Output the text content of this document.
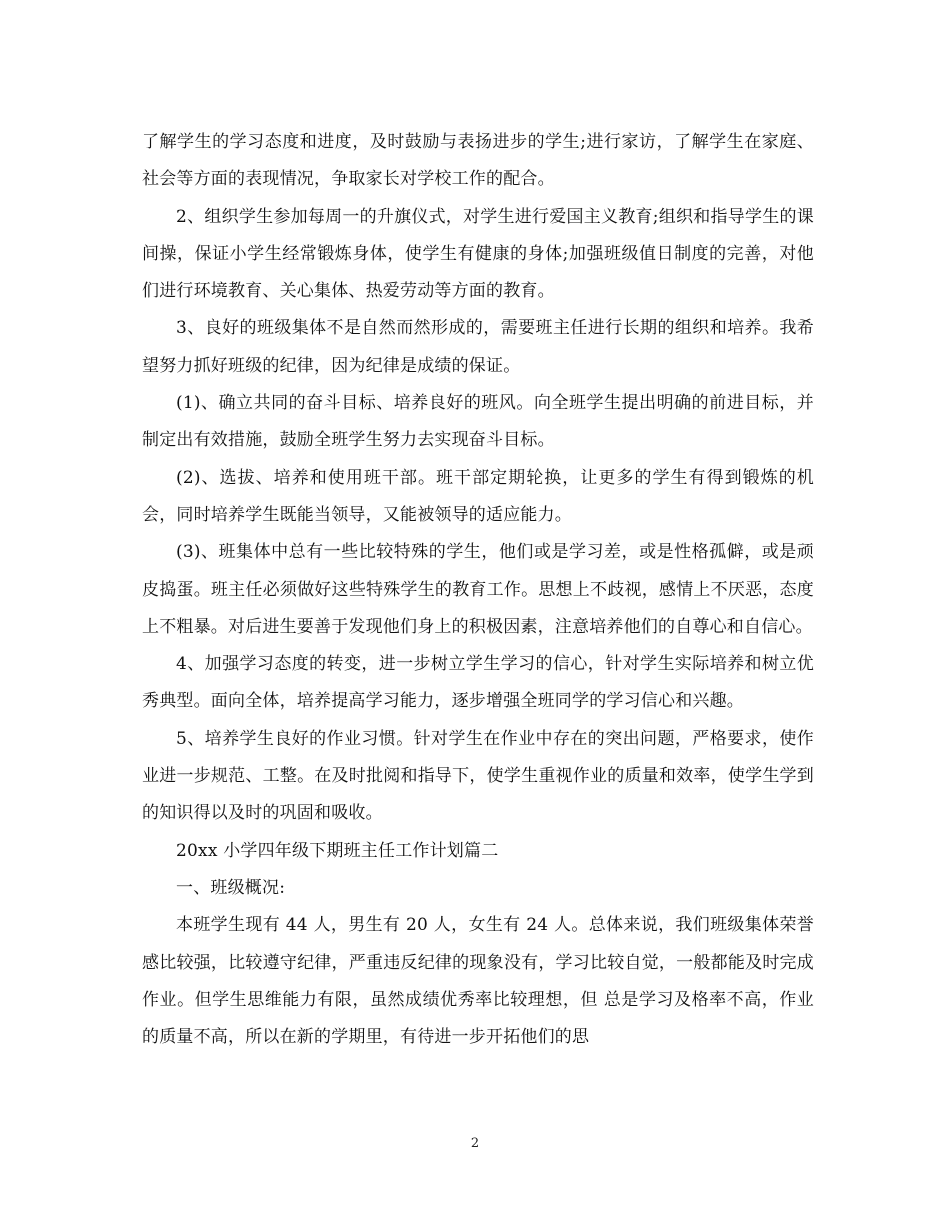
了解学生的学习态度和进度，及时鼓励与表扬进步的学生;进行家访，了解学生在家庭、社会等方面的表现情况，争取家长对学校工作的配合。

2、组织学生参加每周一的升旗仪式，对学生进行爱国主义教育;组织和指导学生的课间操，保证小学生经常锻炼身体，使学生有健康的身体;加强班级值日制度的完善，对他们进行环境教育、关心集体、热爱劳动等方面的教育。

3、良好的班级集体不是自然而然形成的，需要班主任进行长期的组织和培养。我希望努力抓好班级的纪律，因为纪律是成绩的保证。

(1)、确立共同的奋斗目标、培养良好的班风。向全班学生提出明确的前进目标，并制定出有效措施，鼓励全班学生努力去实现奋斗目标。

(2)、选拔、培养和使用班干部。班干部定期轮换，让更多的学生有得到锻炼的机会，同时培养学生既能当领导，又能被领导的适应能力。

(3)、班集体中总有一些比较特殊的学生，他们或是学习差，或是性格孤僻，或是顽皮捣蛋。班主任必须做好这些特殊学生的教育工作。思想上不歧视，感情上不厌恶，态度上不粗暴。对后进生要善于发现他们身上的积极因素，注意培养他们的自尊心和自信心。

4、加强学习态度的转变，进一步树立学生学习的信心，针对学生实际培养和树立优秀典型。面向全体，培养提高学习能力，逐步增强全班同学的学习信心和兴趣。

5、培养学生良好的作业习惯。针对学生在作业中存在的突出问题，严格要求，使作业进一步规范、工整。在及时批阅和指导下，使学生重视作业的质量和效率，使学生学到的知识得以及时的巩固和吸收。

20xx 小学四年级下期班主任工作计划篇二

一、班级概况:

本班学生现有 44 人，男生有 20 人，女生有 24 人。总体来说，我们班级集体荣誉感比较强，比较遵守纪律，严重违反纪律的现象没有，学习比较自觉，一般都能及时完成作业。但学生思维能力有限，虽然成绩优秀率比较理想，但 总是学习及格率不高，作业的质量不高，所以在新的学期里，有待进一步开拓他们的思

2
